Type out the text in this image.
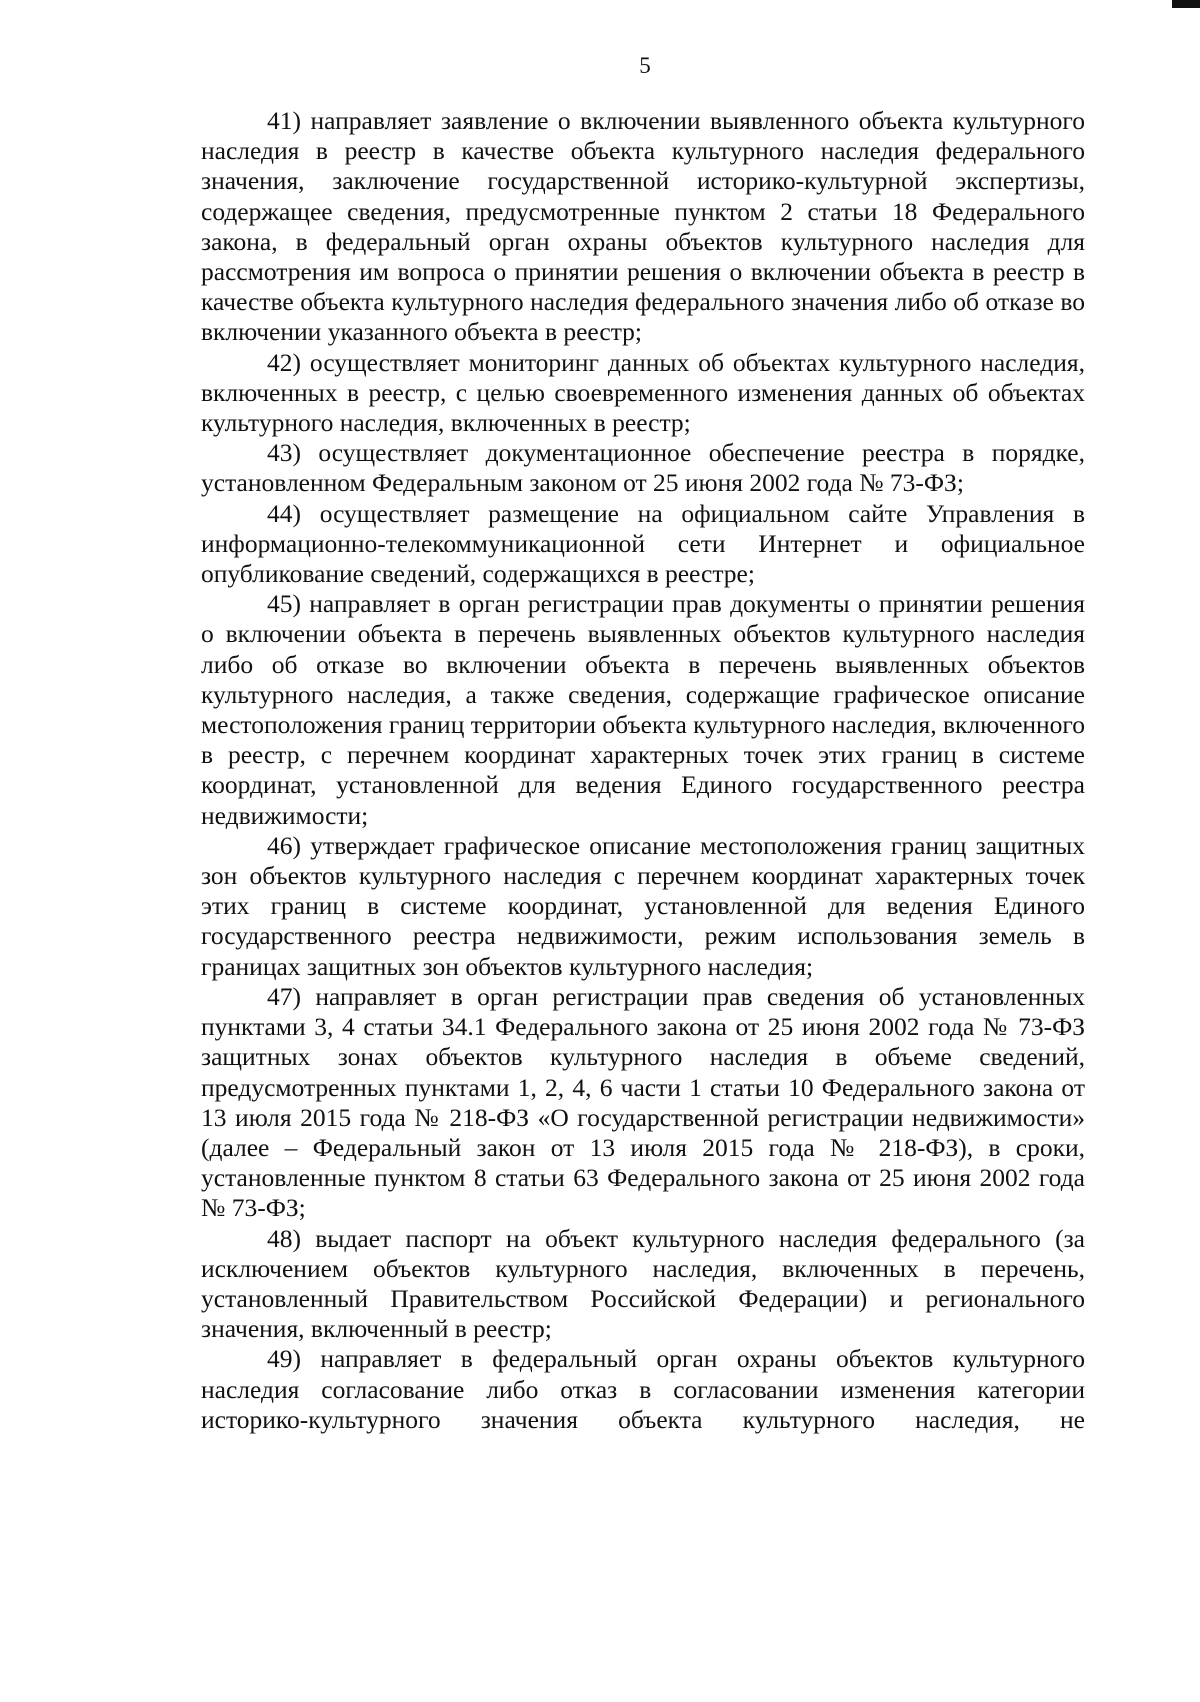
5

41) направляет заявление о включении выявленного объекта культурного наследия в реестр в качестве объекта культурного наследия федерального значения, заключение государственной историко-культурной экспертизы, содержащее сведения, предусмотренные пунктом 2 статьи 18 Федерального закона, в федеральный орган охраны объектов культурного наследия для рассмотрения им вопроса о принятии решения о включении объекта в реестр в качестве объекта культурного наследия федерального значения либо об отказе во включении указанного объекта в реестр;

42) осуществляет мониторинг данных об объектах культурного наследия, включенных в реестр, с целью своевременного изменения данных об объектах культурного наследия, включенных в реестр;

43) осуществляет документационное обеспечение реестра в порядке, установленном Федеральным законом от 25 июня 2002 года № 73-ФЗ;

44) осуществляет размещение на официальном сайте Управления в информационно-телекоммуникационной сети Интернет и официальное опубликование сведений, содержащихся в реестре;

45) направляет в орган регистрации прав документы о принятии решения о включении объекта в перечень выявленных объектов культурного наследия либо об отказе во включении объекта в перечень выявленных объектов культурного наследия, а также сведения, содержащие графическое описание местоположения границ территории объекта культурного наследия, включенного в реестр, с перечнем координат характерных точек этих границ в системе координат, установленной для ведения Единого государственного реестра недвижимости;

46) утверждает графическое описание местоположения границ защитных зон объектов культурного наследия с перечнем координат характерных точек этих границ в системе координат, установленной для ведения Единого государственного реестра недвижимости, режим использования земель в границах защитных зон объектов культурного наследия;

47) направляет в орган регистрации прав сведения об установленных пунктами 3, 4 статьи 34.1 Федерального закона от 25 июня 2002 года № 73-ФЗ защитных зонах объектов культурного наследия в объеме сведений, предусмотренных пунктами 1, 2, 4, 6 части 1 статьи 10 Федерального закона от 13 июля 2015 года № 218-ФЗ «О государственной регистрации недвижимости» (далее – Федеральный закон от 13 июля 2015 года № 218-ФЗ), в сроки, установленные пунктом 8 статьи 63 Федерального закона от 25 июня 2002 года № 73-ФЗ;

48) выдает паспорт на объект культурного наследия федерального (за исключением объектов культурного наследия, включенных в перечень, установленный Правительством Российской Федерации) и регионального значения, включенный в реестр;

49) направляет в федеральный орган охраны объектов культурного наследия согласование либо отказ в согласовании изменения категории историко-культурного значения объекта культурного наследия, не
